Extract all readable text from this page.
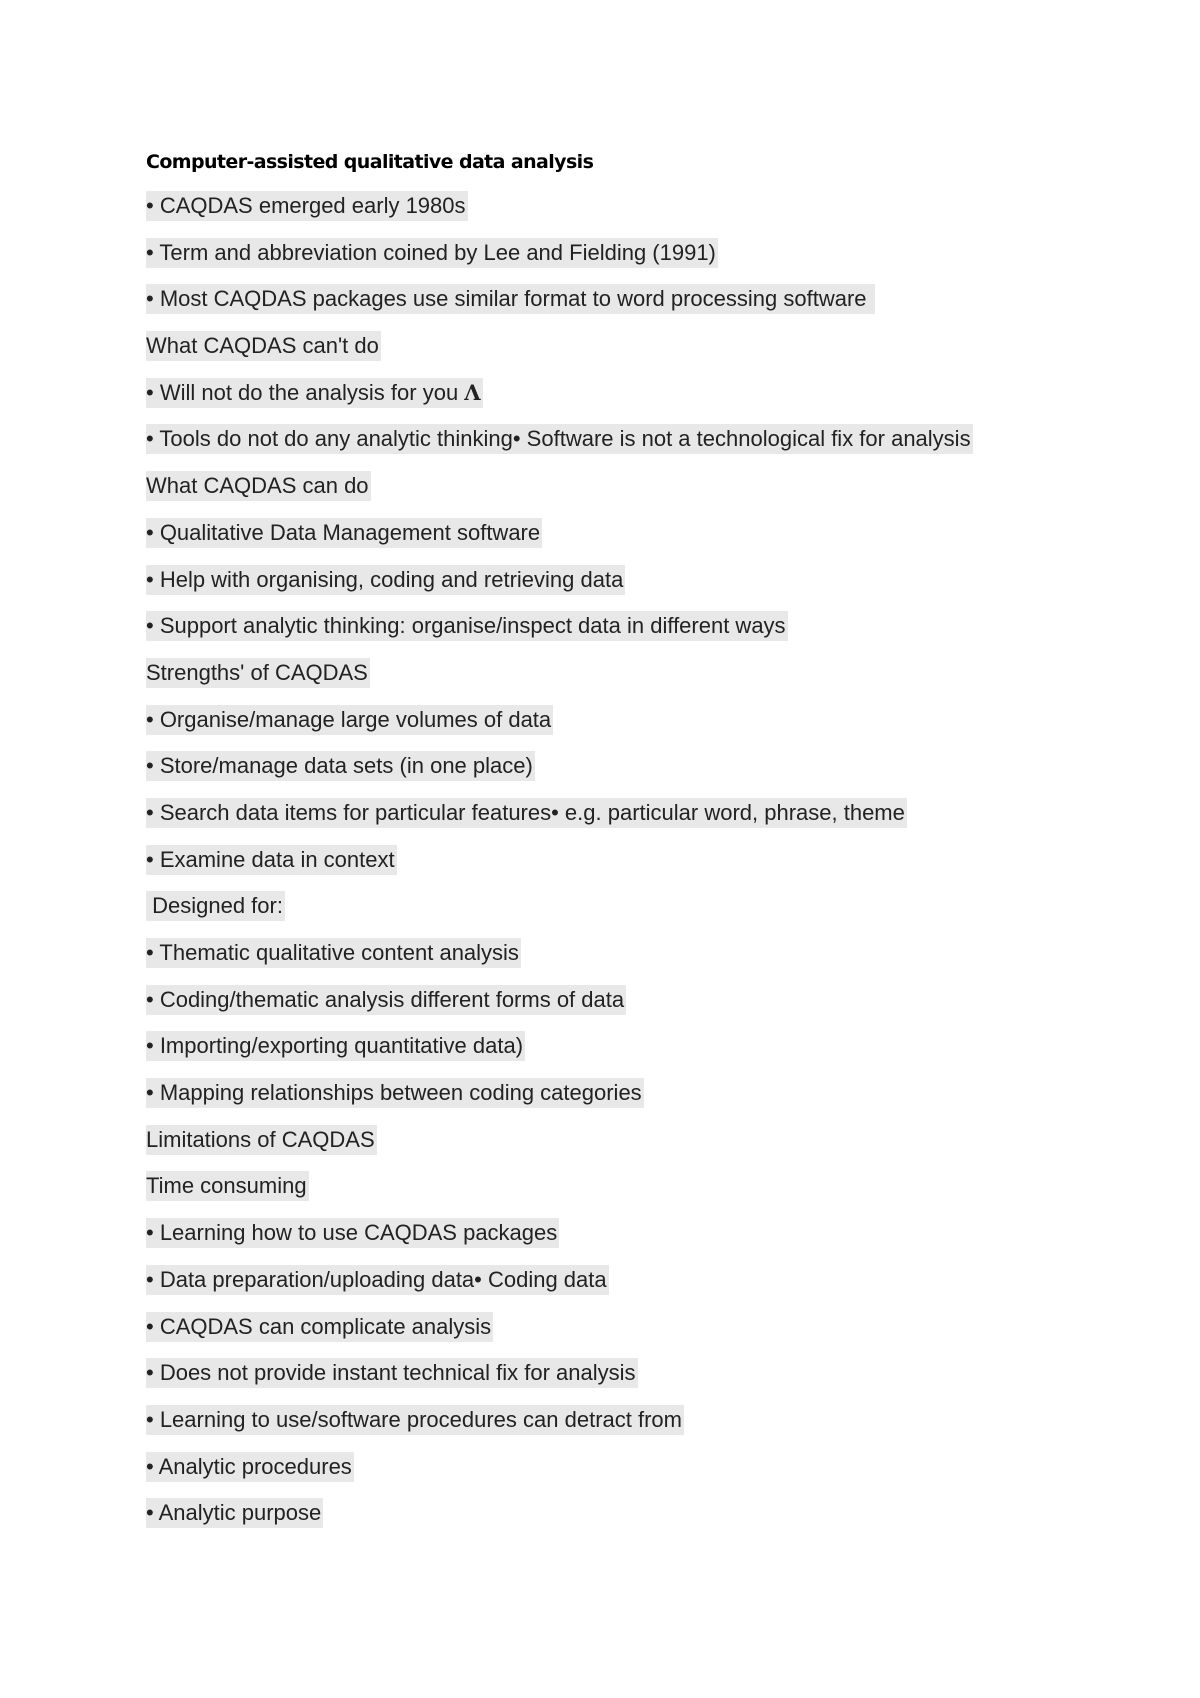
Computer-assisted qualitative data analysis
• CAQDAS emerged early 1980s
• Term and abbreviation coined by Lee and Fielding (1991)
• Most CAQDAS packages use similar format to word processing software
What CAQDAS can't do
• Will not do the analysis for you Λ
• Tools do not do any analytic thinking• Software is not a technological fix for analysis
What CAQDAS can do
• Qualitative Data Management software
• Help with organising, coding and retrieving data
• Support analytic thinking: organise/inspect data in different ways
Strengths' of CAQDAS
• Organise/manage large volumes of data
• Store/manage data sets (in one place)
• Search data items for particular features• e.g. particular word, phrase, theme
• Examine data in context
Designed for:
• Thematic qualitative content analysis
• Coding/thematic analysis different forms of data
• Importing/exporting quantitative data)
• Mapping relationships between coding categories
Limitations of CAQDAS
Time consuming
• Learning how to use CAQDAS packages
• Data preparation/uploading data• Coding data
• CAQDAS can complicate analysis
• Does not provide instant technical fix for analysis
• Learning to use/software procedures can detract from
• Analytic procedures
• Analytic purpose
